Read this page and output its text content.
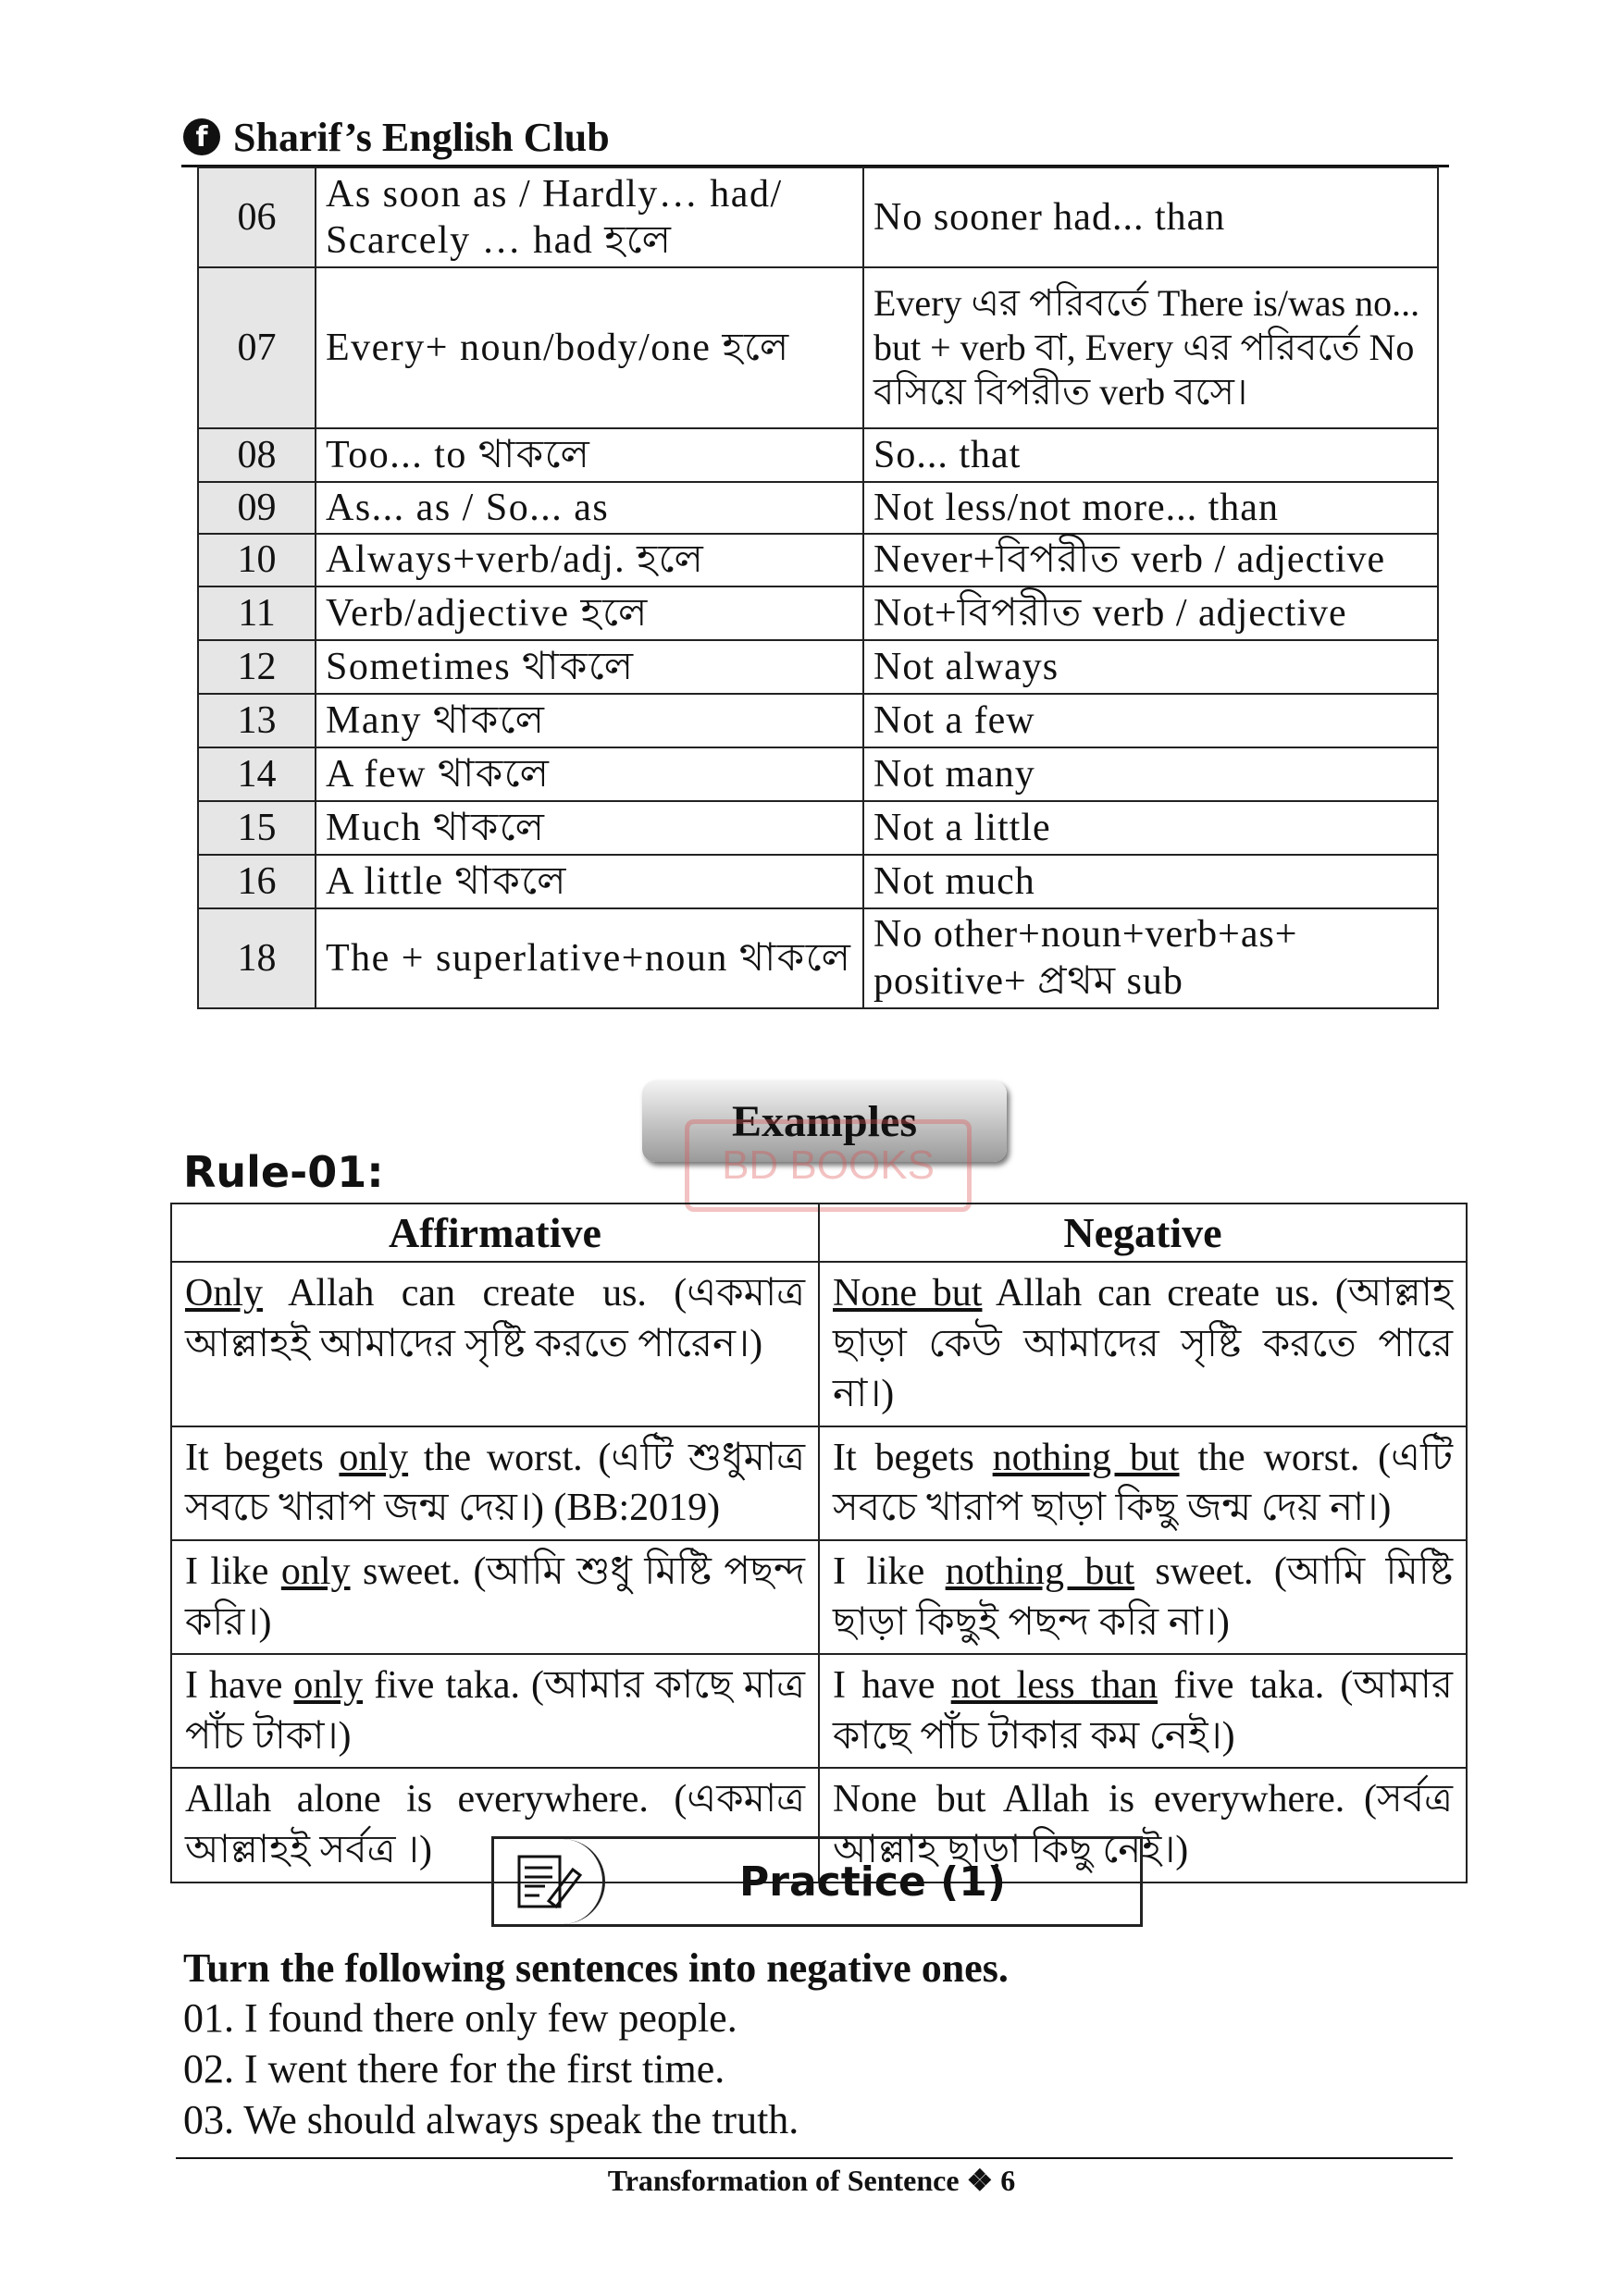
f Sharif’s English Club
06	As soon as / Hardly… had/ Scarcely … had হলে	No sooner had... than
07	Every+ noun/body/one হলে	Every এর পরিবর্তে There is/was no... but + verb বা, Every এর পরিবর্তে No বসিয়ে বিপরীত verb বসে।
08	Too... to থাকলে	So... that
09	As... as / So... as	Not less/not more... than
10	Always+verb/adj. হলে	Never+বিপরীত verb / adjective
11	Verb/adjective হলে	Not+বিপরীত verb / adjective
12	Sometimes থাকলে	Not always
13	Many থাকলে	Not a few
14	A few থাকলে	Not many
15	Much থাকলে	Not a little
16	A little থাকলে	Not much
18	The + superlative+noun থাকলে	No other+noun+verb+as+ positive+ প্রথম sub
Examples
BD BOOKS
Rule-01:
Affirmative	Negative
Only Allah can create us. (একমাত্র আল্লাহই আমাদের সৃষ্টি করতে পারেন।)	None but Allah can create us. (আল্লাহ ছাড়া কেউ আমাদের সৃষ্টি করতে পারে না।)
It begets only the worst. (এটি শুধুমাত্র সবচে খারাপ জন্ম দেয়।) (BB:2019)	It begets nothing but the worst. (এটি সবচে খারাপ ছাড়া কিছু জন্ম দেয় না।)
I like only sweet. (আমি শুধু মিষ্টি পছন্দ করি।)	I like nothing but sweet. (আমি মিষ্টি ছাড়া কিছুই পছন্দ করি না।)
I have only five taka. (আমার কাছে মাত্র পাঁচ টাকা।)	I have not less than five taka. (আমার কাছে পাঁচ টাকার কম নেই।)
Allah alone is everywhere. (একমাত্র আল্লাহই সর্বত্র ।)	None but Allah is everywhere. (সর্বত্র আল্লাহ ছাড়া কিছু নেই।)
Practice (1)
Turn the following sentences into negative ones.
01. I found there only few people.
02. I went there for the first time.
03. We should always speak the truth.
Transformation of Sentence ❖ 6
